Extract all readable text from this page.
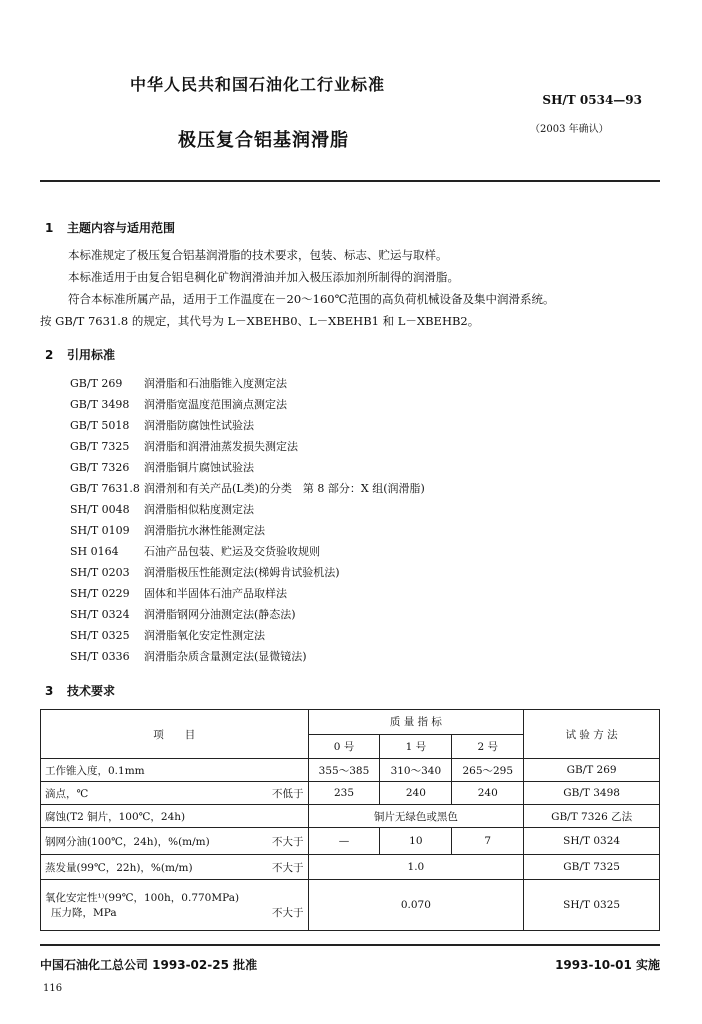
中华人民共和国石油化工行业标准
SH/T 0534—93
（2003 年确认）
极压复合铝基润滑脂
1 主题内容与适用范围
本标准规定了极压复合铝基润滑脂的技术要求，包装、标志、贮运与取样。
本标准适用于由复合铝皂稠化矿物润滑油并加入极压添加剂所制得的润滑脂。
符合本标准所属产品，适用于工作温度在－20～160℃范围的高负荷机械设备及集中润滑系统。
按 GB/T 7631.8 的规定，其代号为 L－XBEHB0、L－XBEHB1 和 L－XBEHB2。
2 引用标准
GB/T 269 润滑脂和石油脂锥入度测定法
GB/T 3498 润滑脂宽温度范围滴点测定法
GB/T 5018 润滑脂防腐蚀性试验法
GB/T 7325 润滑脂和润滑油蒸发损失测定法
GB/T 7326 润滑脂铜片腐蚀试验法
GB/T 7631.8 润滑剂和有关产品(L类)的分类　第 8 部分：X 组(润滑脂)
SH/T 0048 润滑脂相似粘度测定法
SH/T 0109 润滑脂抗水淋性能测定法
SH 0164 石油产品包装、贮运及交货验收规则
SH/T 0203 润滑脂极压性能测定法(梯姆肯试验机法)
SH/T 0229 固体和半固体石油产品取样法
SH/T 0324 润滑脂钢网分油测定法(静态法)
SH/T 0325 润滑脂氧化安定性测定法
SH/T 0336 润滑脂杂质含量测定法(显微镜法)
3 技术要求
项　　目	质 量 指 标			试 验 方 法
	0 号	1 号	2 号	

工作锥入度，0.1mm	355～385	310～340	265～295	GB/T 269

滴点，℃ 不低于	235	240	240	GB/T 3498

腐蚀(T2 铜片，100℃，24h)	铜片无绿色或黑色			GB/T 7326 乙法

钢网分油(100℃，24h)，%(m/m) 不大于	—	10	7	SH/T 0324

蒸发量(99℃，22h)，%(m/m) 不大于	1.0			GB/T 7325

氧化安定性¹⁾(99℃，100h，0.770MPa)
压力降，MPa 不大于	0.070			SH/T 0325
中国石油化工总公司 1993-02-25 批准	1993-10-01 实施
116
